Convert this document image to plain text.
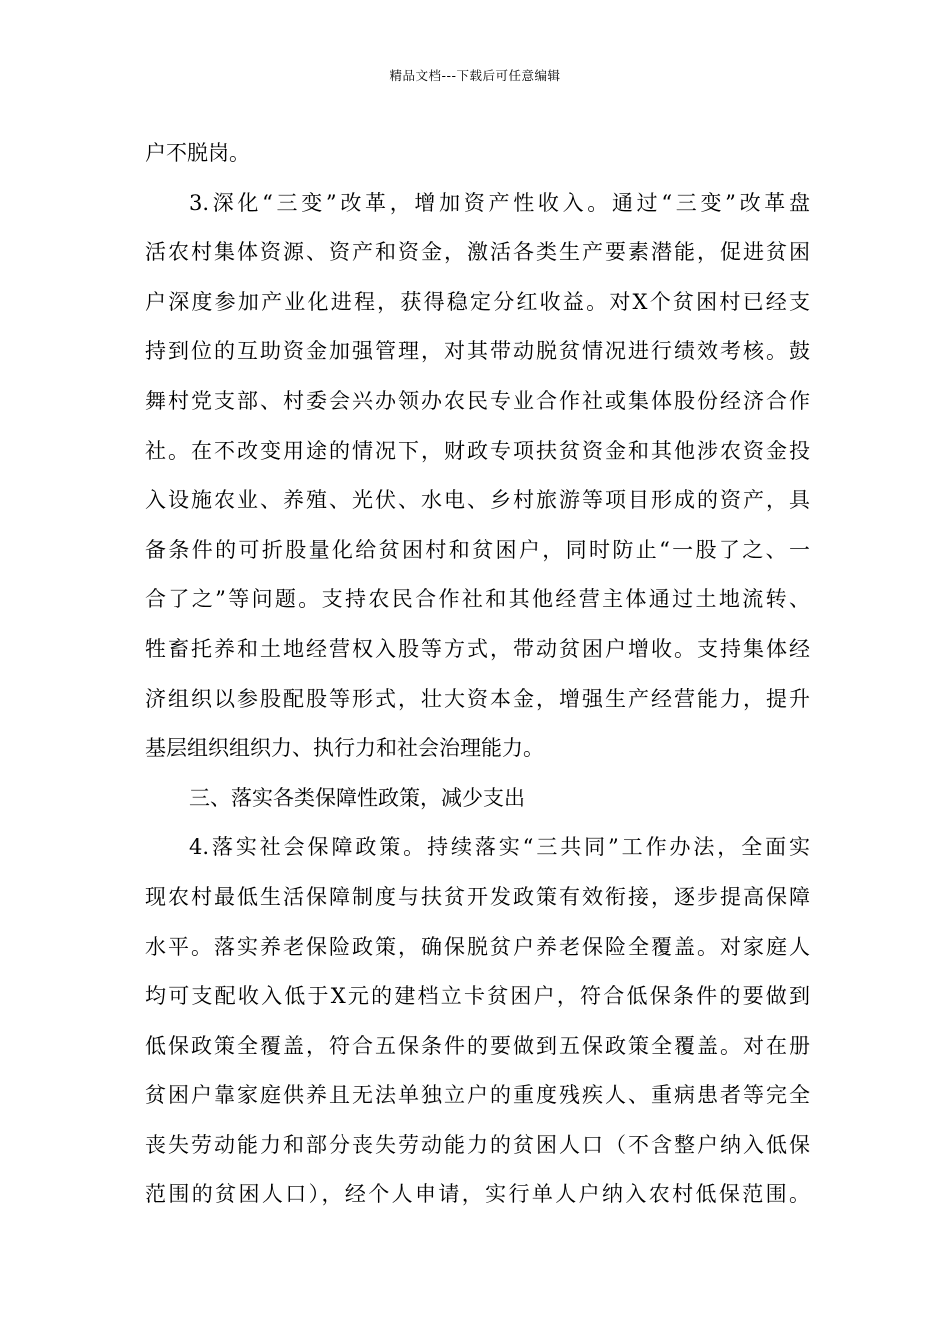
精品文档---下载后可任意编辑
户不脱岗。
3.深化“三变”改革，增加资产性收入。通过“三变”改革盘
活农村集体资源、资产和资金，激活各类生产要素潜能，促进贫困
户深度参加产业化进程，获得稳定分红收益。对X个贫困村已经支
持到位的互助资金加强管理，对其带动脱贫情况进行绩效考核。鼓
舞村党支部、村委会兴办领办农民专业合作社或集体股份经济合作
社。在不改变用途的情况下，财政专项扶贫资金和其他涉农资金投
入设施农业、养殖、光伏、水电、乡村旅游等项目形成的资产，具
备条件的可折股量化给贫困村和贫困户，同时防止“一股了之、一
合了之”等问题。支持农民合作社和其他经营主体通过土地流转、
牲畜托养和土地经营权入股等方式，带动贫困户增收。支持集体经
济组织以参股配股等形式，壮大资本金，增强生产经营能力，提升
基层组织组织力、执行力和社会治理能力。
三、落实各类保障性政策，减少支出
4.落实社会保障政策。持续落实“三共同”工作办法，全面实
现农村最低生活保障制度与扶贫开发政策有效衔接，逐步提高保障
水平。落实养老保险政策，确保脱贫户养老保险全覆盖。对家庭人
均可支配收入低于X元的建档立卡贫困户，符合低保条件的要做到
低保政策全覆盖，符合五保条件的要做到五保政策全覆盖。对在册
贫困户靠家庭供养且无法单独立户的重度残疾人、重病患者等完全
丧失劳动能力和部分丧失劳动能力的贫困人口（不含整户纳入低保
范围的贫困人口），经个人申请，实行单人户纳入农村低保范围。
